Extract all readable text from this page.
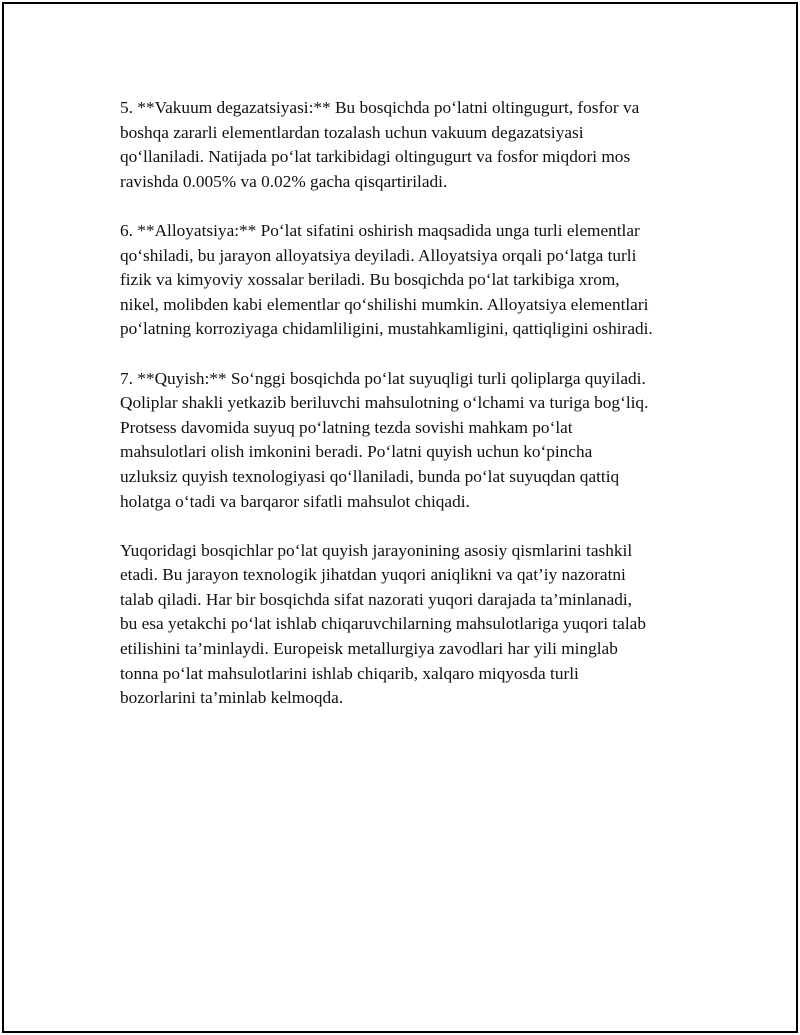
5. **Vakuum degazatsiyasi:** Bu bosqichda po‘latni oltingugurt, fosfor va
boshqa zararli elementlardan tozalash uchun vakuum degazatsiyasi
qo‘llaniladi. Natijada po‘lat tarkibidagi oltingugurt va fosfor miqdori mos
ravishda 0.005% va 0.02% gacha qisqartiriladi.
6. **Alloyatsiya:** Po‘lat sifatini oshirish maqsadida unga turli elementlar
qo‘shiladi, bu jarayon alloyatsiya deyiladi. Alloyatsiya orqali po‘latga turli
fizik va kimyoviy xossalar beriladi. Bu bosqichda po‘lat tarkibiga xrom,
nikel, molibden kabi elementlar qo‘shilishi mumkin. Alloyatsiya elementlari
po‘latning korroziyaga chidamliligini, mustahkamligini, qattiqligini oshiradi.
7. **Quyish:** So‘nggi bosqichda po‘lat suyuqligi turli qoliplarga quyiladi.
Qoliplar shakli yetkazib beriluvchi mahsulotning o‘lchami va turiga bog‘liq.
Protsess davomida suyuq po‘latning tezda sovishi mahkam po‘lat
mahsulotlari olish imkonini beradi. Po‘latni quyish uchun ko‘pincha
uzluksiz quyish texnologiyasi qo‘llaniladi, bunda po‘lat suyuqdan qattiq
holatga o‘tadi va barqaror sifatli mahsulot chiqadi.
Yuqoridagi bosqichlar po‘lat quyish jarayonining asosiy qismlarini tashkil
etadi. Bu jarayon texnologik jihatdan yuqori aniqlikni va qat’iy nazoratni
talab qiladi. Har bir bosqichda sifat nazorati yuqori darajada ta’minlanadi,
bu esa yetakchi po‘lat ishlab chiqaruvchilarning mahsulotlariga yuqori talab
etilishini ta’minlaydi. Europeisk metallurgiya zavodlari har yili minglab
tonna po‘lat mahsulotlarini ishlab chiqarib, xalqaro miqyosda turli
bozorlarini ta’minlab kelmoqda.
